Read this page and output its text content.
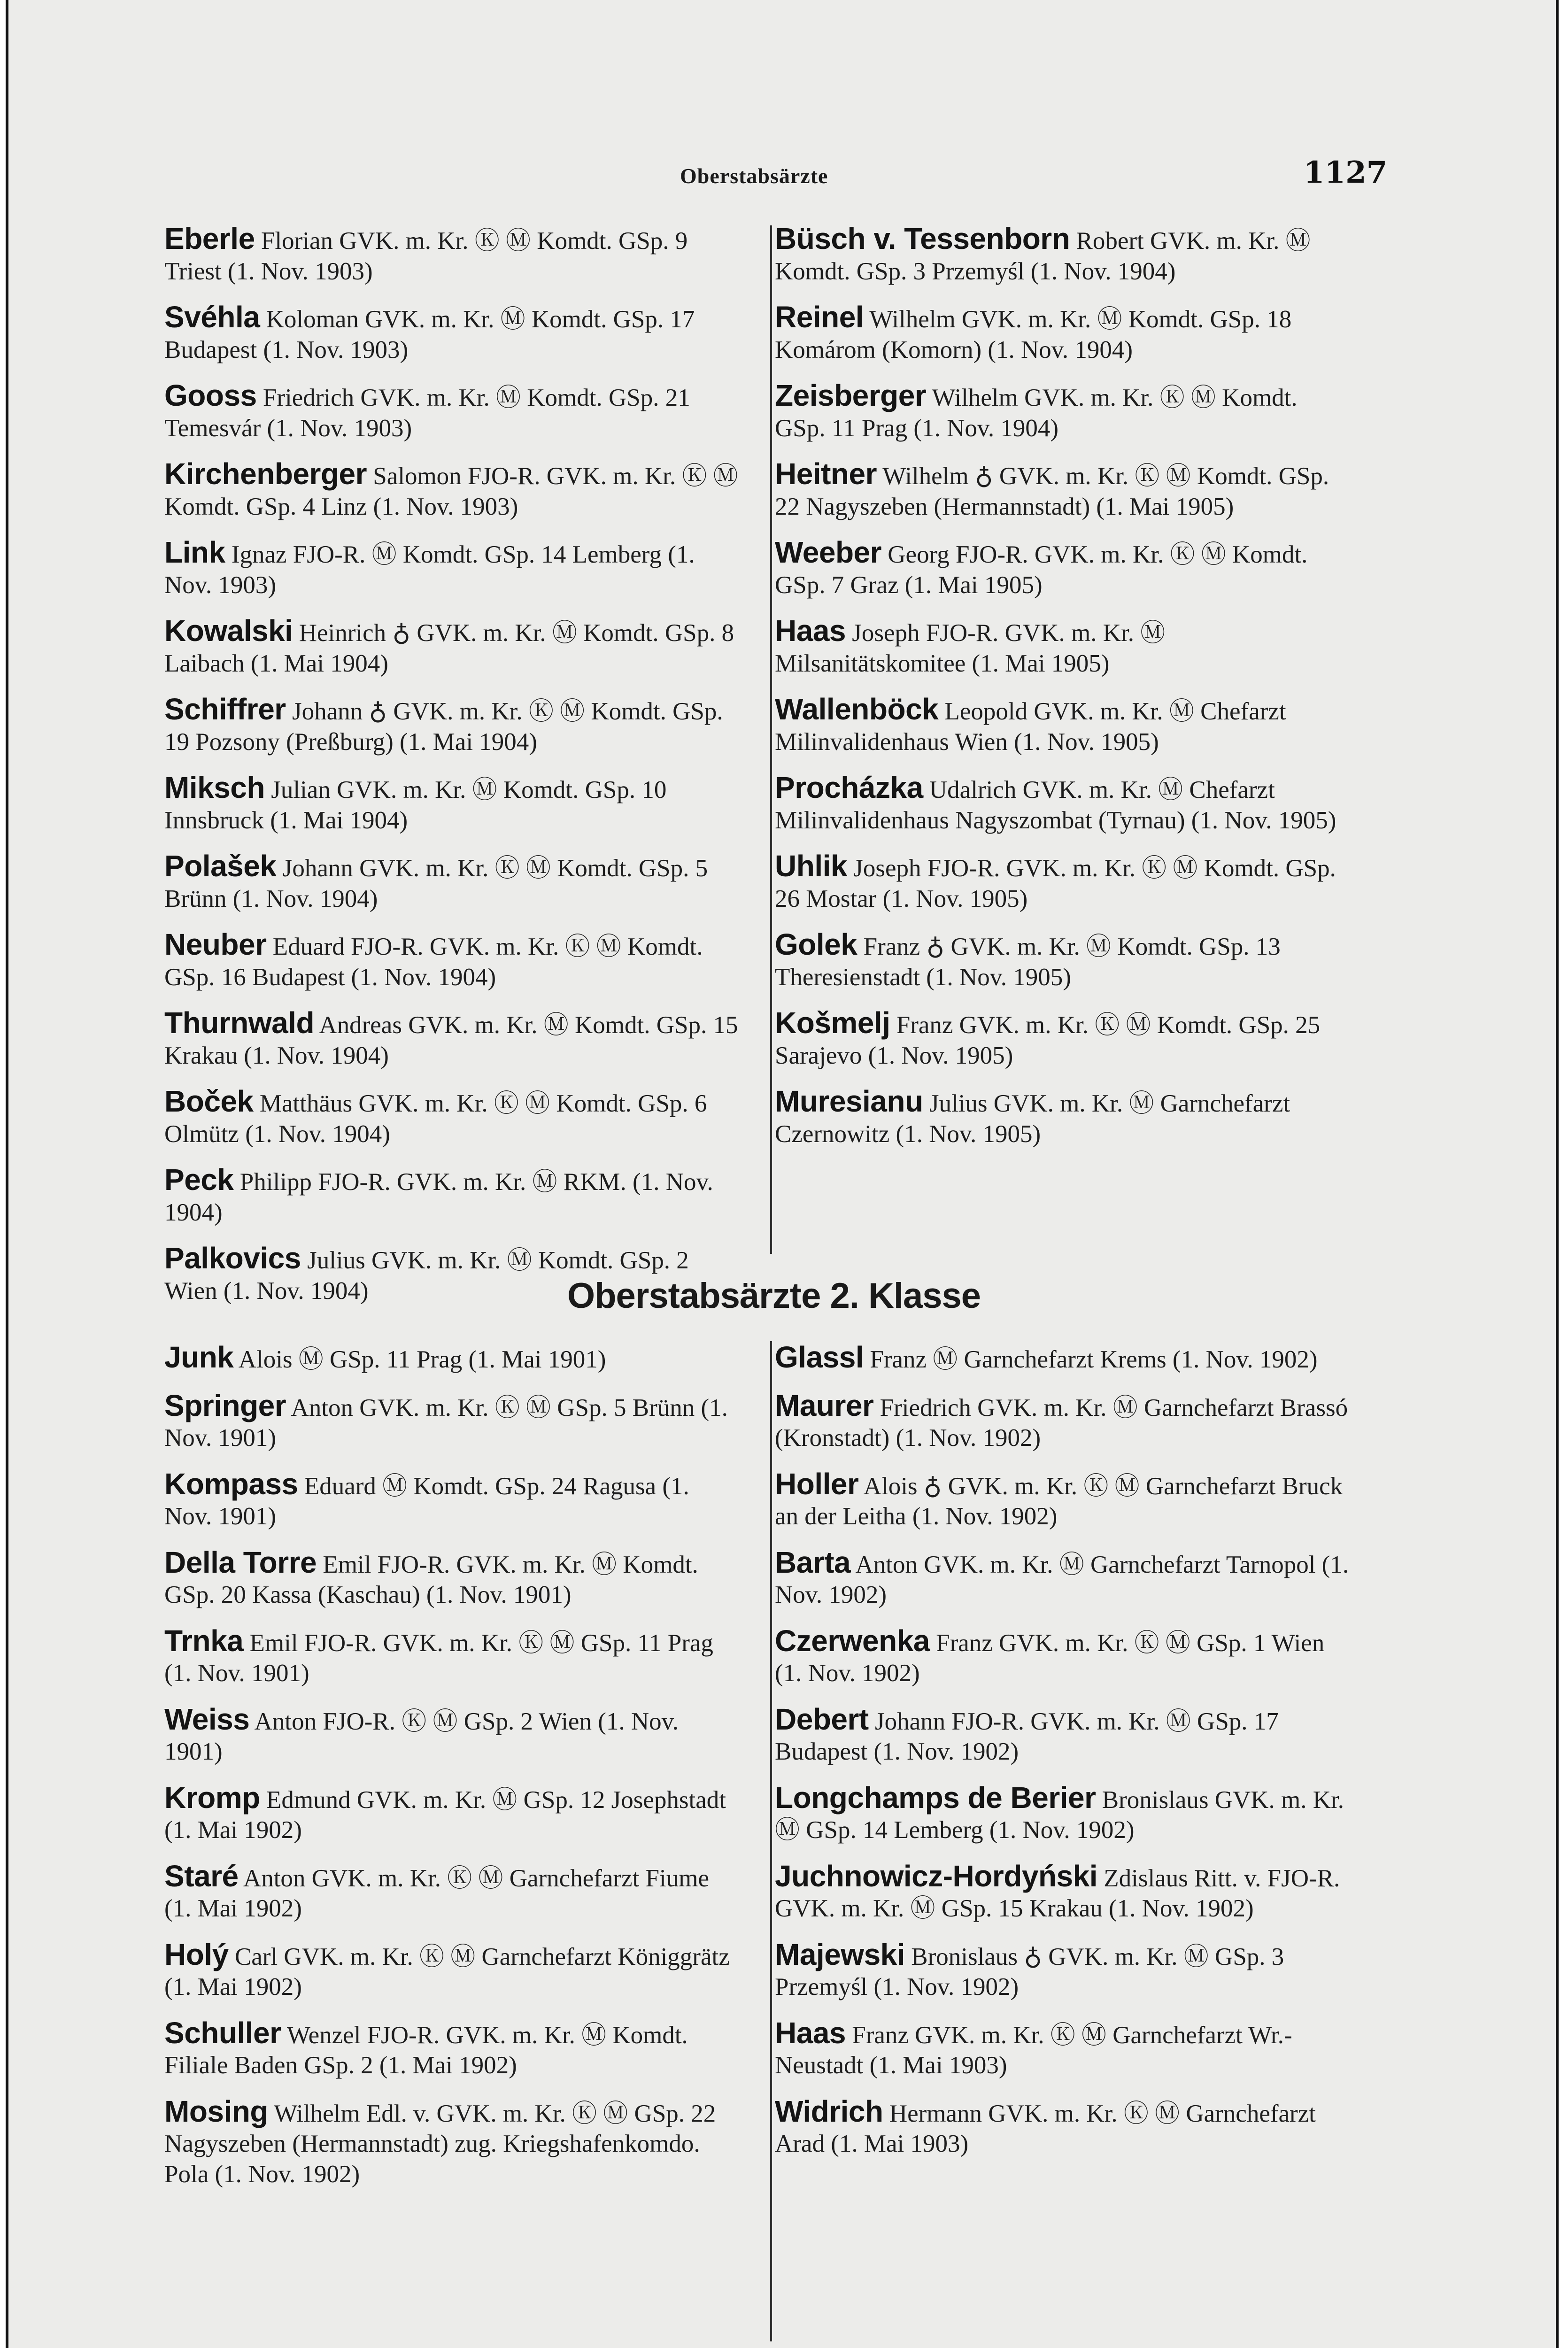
Oberstabsärzte	1127
Eberle Florian GVK. m. Kr. Ⓚ Ⓜ Komdt. GSp. 9 Triest (1. Nov. 1903)
Svéhla Koloman GVK. m. Kr. Ⓜ Komdt. GSp. 17 Budapest (1. Nov. 1903)
Gooss Friedrich GVK. m. Kr. Ⓜ Komdt. GSp. 21 Temesvár (1. Nov. 1903)
Kirchenberger Salomon FJO-R. GVK. m. Kr. Ⓚ Ⓜ Komdt. GSp. 4 Linz (1. Nov. 1903)
Link Ignaz FJO-R. Ⓜ Komdt. GSp. 14 Lemberg (1. Nov. 1903)
Kowalski Heinrich ♁ GVK. m. Kr. Ⓜ Komdt. GSp. 8 Laibach (1. Mai 1904)
Schiffrer Johann ♁ GVK. m. Kr. Ⓚ Ⓜ Komdt. GSp. 19 Pozsony (Preßburg) (1. Mai 1904)
Miksch Julian GVK. m. Kr. Ⓜ Komdt. GSp. 10 Innsbruck (1. Mai 1904)
Polašek Johann GVK. m. Kr. Ⓚ Ⓜ Komdt. GSp. 5 Brünn (1. Nov. 1904)
Neuber Eduard FJO-R. GVK. m. Kr. Ⓚ Ⓜ Komdt. GSp. 16 Budapest (1. Nov. 1904)
Thurnwald Andreas GVK. m. Kr. Ⓜ Komdt. GSp. 15 Krakau (1. Nov. 1904)
Boček Matthäus GVK. m. Kr. Ⓚ Ⓜ Komdt. GSp. 6 Olmütz (1. Nov. 1904)
Peck Philipp FJO-R. GVK. m. Kr. Ⓜ RKM. (1. Nov. 1904)
Palkovics Julius GVK. m. Kr. Ⓜ Komdt. GSp. 2 Wien (1. Nov. 1904)
Büsch v. Tessenborn Robert GVK. m. Kr. Ⓜ Komdt. GSp. 3 Przemyśl (1. Nov. 1904)
Reinel Wilhelm GVK. m. Kr. Ⓜ Komdt. GSp. 18 Komárom (Komorn) (1. Nov. 1904)
Zeisberger Wilhelm GVK. m. Kr. Ⓚ Ⓜ Komdt. GSp. 11 Prag (1. Nov. 1904)
Heitner Wilhelm ♁ GVK. m. Kr. Ⓚ Ⓜ Komdt. GSp. 22 Nagyszeben (Hermannstadt) (1. Mai 1905)
Weeber Georg FJO-R. GVK. m. Kr. Ⓚ Ⓜ Komdt. GSp. 7 Graz (1. Mai 1905)
Haas Joseph FJO-R. GVK. m. Kr. Ⓜ Milsanitätskomitee (1. Mai 1905)
Wallenböck Leopold GVK. m. Kr. Ⓜ Chefarzt Milinvalidenhaus Wien (1. Nov. 1905)
Procházka Udalrich GVK. m. Kr. Ⓜ Chefarzt Milinvalidenhaus Nagyszombat (Tyrnau) (1. Nov. 1905)
Uhlik Joseph FJO-R. GVK. m. Kr. Ⓚ Ⓜ Komdt. GSp. 26 Mostar (1. Nov. 1905)
Golek Franz ♁ GVK. m. Kr. Ⓜ Komdt. GSp. 13 Theresienstadt (1. Nov. 1905)
Košmelj Franz GVK. m. Kr. Ⓚ Ⓜ Komdt. GSp. 25 Sarajevo (1. Nov. 1905)
Muresianu Julius GVK. m. Kr. Ⓜ Garnchefarzt Czernowitz (1. Nov. 1905)
Oberstabsärzte 2. Klasse
Junk Alois Ⓜ GSp. 11 Prag (1. Mai 1901)
Springer Anton GVK. m. Kr. Ⓚ Ⓜ GSp. 5 Brünn (1. Nov. 1901)
Kompass Eduard Ⓜ Komdt. GSp. 24 Ragusa (1. Nov. 1901)
Della Torre Emil FJO-R. GVK. m. Kr. Ⓜ Komdt. GSp. 20 Kassa (Kaschau) (1. Nov. 1901)
Trnka Emil FJO-R. GVK. m. Kr. Ⓚ Ⓜ GSp. 11 Prag (1. Nov. 1901)
Weiss Anton FJO-R. Ⓚ Ⓜ GSp. 2 Wien (1. Nov. 1901)
Kromp Edmund GVK. m. Kr. Ⓜ GSp. 12 Josephstadt (1. Mai 1902)
Staré Anton GVK. m. Kr. Ⓚ Ⓜ Garnchefarzt Fiume (1. Mai 1902)
Holý Carl GVK. m. Kr. Ⓚ Ⓜ Garnchefarzt Königgrätz (1. Mai 1902)
Schuller Wenzel FJO-R. GVK. m. Kr. Ⓜ Komdt. Filiale Baden GSp. 2 (1. Mai 1902)
Mosing Wilhelm Edl. v. GVK. m. Kr. Ⓚ Ⓜ GSp. 22 Nagyszeben (Hermannstadt) zug. Kriegshafenkomdo. Pola (1. Nov. 1902)
Glassl Franz Ⓜ Garnchefarzt Krems (1. Nov. 1902)
Maurer Friedrich GVK. m. Kr. Ⓜ Garnchefarzt Brassó (Kronstadt) (1. Nov. 1902)
Holler Alois ♁ GVK. m. Kr. Ⓚ Ⓜ Garnchefarzt Bruck an der Leitha (1. Nov. 1902)
Barta Anton GVK. m. Kr. Ⓜ Garnchefarzt Tarnopol (1. Nov. 1902)
Czerwenka Franz GVK. m. Kr. Ⓚ Ⓜ GSp. 1 Wien (1. Nov. 1902)
Debert Johann FJO-R. GVK. m. Kr. Ⓜ GSp. 17 Budapest (1. Nov. 1902)
Longchamps de Berier Bronislaus GVK. m. Kr. Ⓜ GSp. 14 Lemberg (1. Nov. 1902)
Juchnowicz-Hordyński Zdislaus Ritt. v. FJO-R. GVK. m. Kr. Ⓜ GSp. 15 Krakau (1. Nov. 1902)
Majewski Bronislaus ♁ GVK. m. Kr. Ⓜ GSp. 3 Przemyśl (1. Nov. 1902)
Haas Franz GVK. m. Kr. Ⓚ Ⓜ Garnchefarzt Wr.-Neustadt (1. Mai 1903)
Widrich Hermann GVK. m. Kr. Ⓚ Ⓜ Garnchefarzt Arad (1. Mai 1903)
